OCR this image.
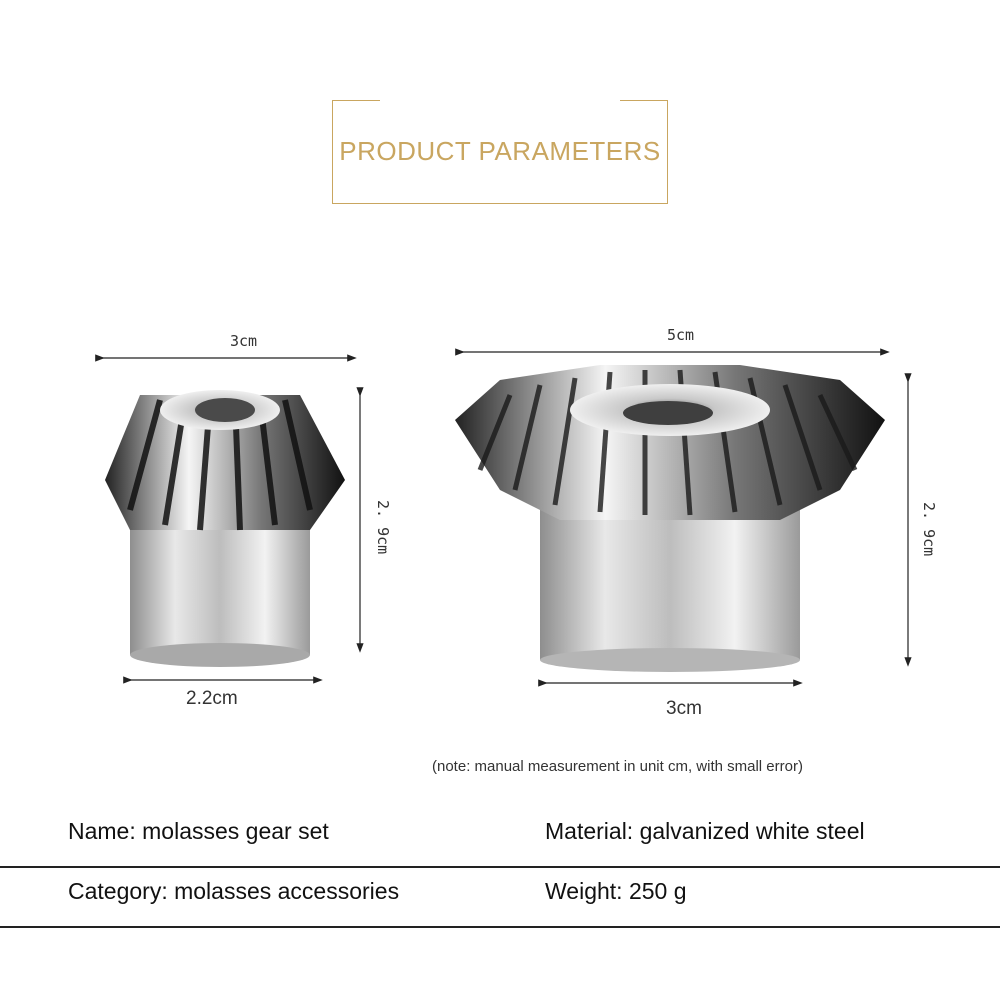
PRODUCT PARAMETERS
3cm
2. 9cm
2.2cm
5cm
2. 9cm
3cm
(note: manual measurement in unit cm, with small error)
Name: molasses gear set	Material: galvanized white steel
Category: molasses accessories	Weight: 250 g
